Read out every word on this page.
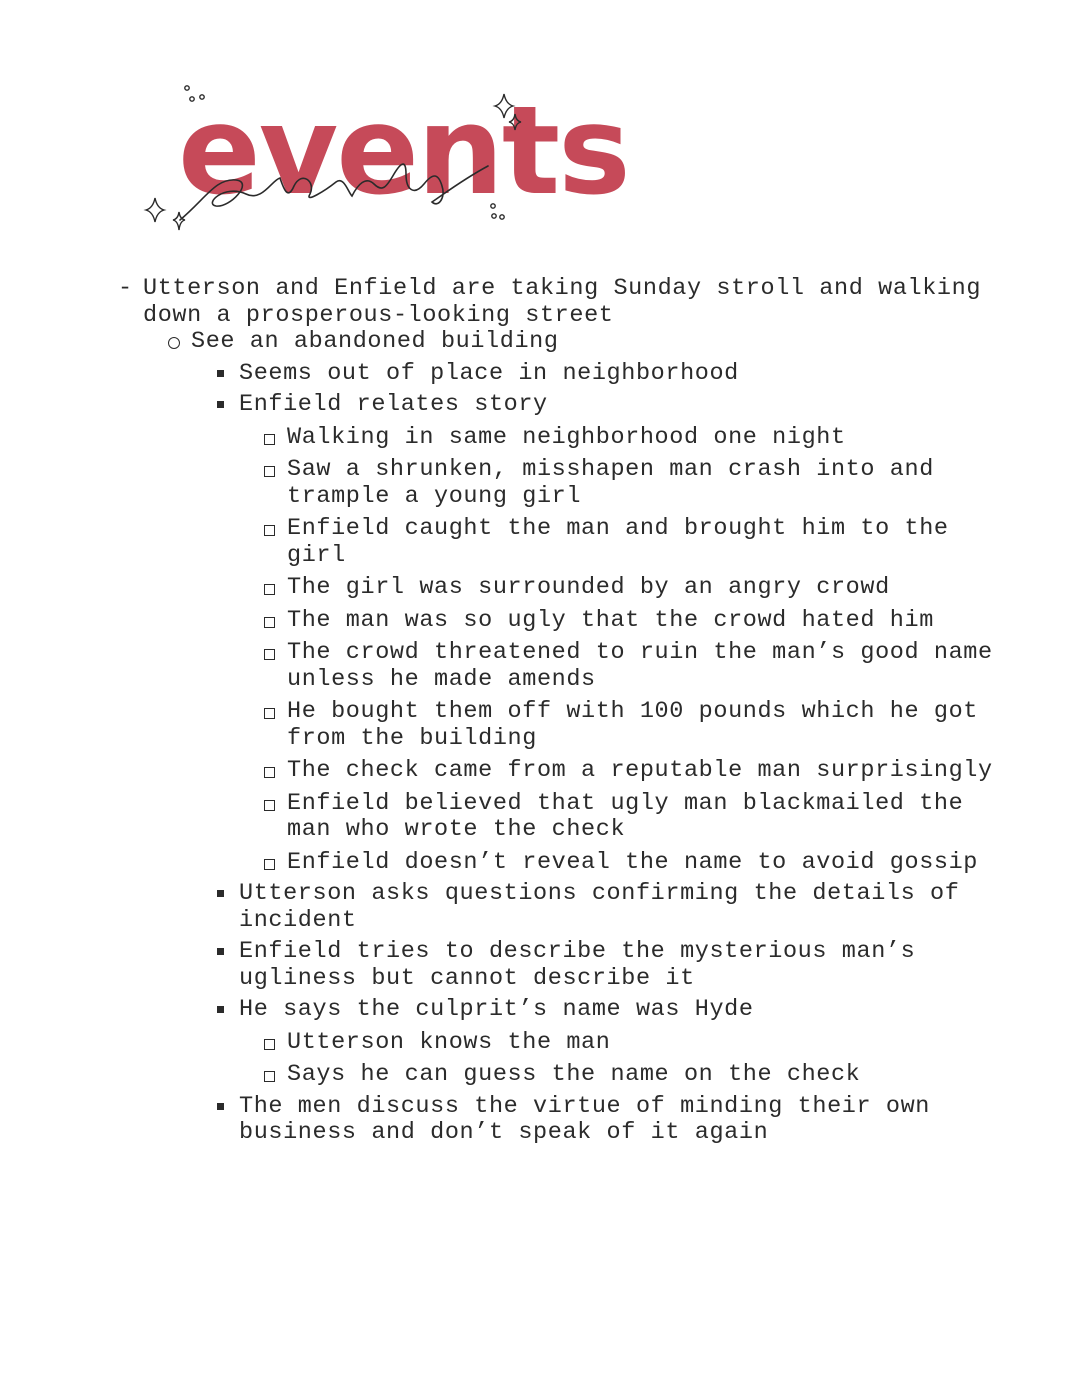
events
-
Utterson and Enfield are taking Sunday stroll and walking down a prosperous-looking street
See an abandoned building
Seems out of place in neighborhood
Enfield relates story
Walking in same neighborhood one night
Saw a shrunken, misshapen man crash into and trample a young girl
Enfield caught the man and brought him to the girl
The girl was surrounded by an angry crowd
The man was so ugly that the crowd hated him
The crowd threatened to ruin the man’s good name unless he made amends
He bought them off with 100 pounds which he got from the building
The check came from a reputable man surprisingly
Enfield believed that ugly man blackmailed the man who wrote the check
Enfield doesn’t reveal the name to avoid gossip
Utterson asks questions confirming the details of incident
Enfield tries to describe the mysterious man’s ugliness but cannot describe it
He says the culprit’s name was Hyde
Utterson knows the man
Says he can guess the name on the check
The men discuss the virtue of minding their own business and don’t speak of it again
